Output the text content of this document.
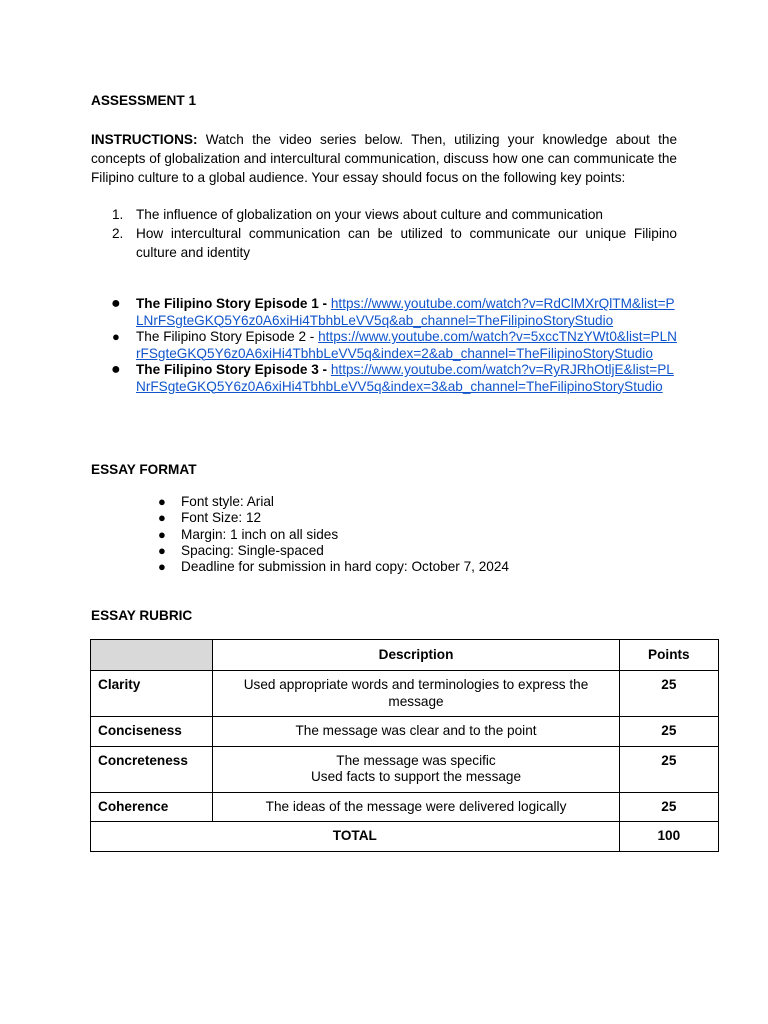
ASSESSMENT 1

INSTRUCTIONS: Watch the video series below. Then, utilizing your knowledge about the concepts of globalization and intercultural communication, discuss how one can communicate the Filipino culture to a global audience. Your essay should focus on the following key points:

1. The influence of globalization on your views about culture and communication
2. How intercultural communication can be utilized to communicate our unique Filipino culture and identity
● The Filipino Story Episode 1 - https://www.youtube.com/watch?v=RdClMXrQlTM&list=PLNrFSgteGKQ5Y6z0A6xiHi4TbhbLeVV5q&ab_channel=TheFilipinoStoryStudio
● The Filipino Story Episode 2 - https://www.youtube.com/watch?v=5xccTNzYWt0&list=PLNrFSgteGKQ5Y6z0A6xiHi4TbhbLeVV5q&index=2&ab_channel=TheFilipinoStoryStudio
● The Filipino Story Episode 3 - https://www.youtube.com/watch?v=RyRJRhOtljE&list=PLNrFSgteGKQ5Y6z0A6xiHi4TbhbLeVV5q&index=3&ab_channel=TheFilipinoStoryStudio

ESSAY FORMAT

● Font style: Arial
● Font Size: 12
● Margin: 1 inch on all sides
● Spacing: Single-spaced
● Deadline for submission in hard copy: October 7, 2024

ESSAY RUBRIC

	Description	Points
Clarity	Used appropriate words and terminologies to express the message	25
Conciseness	The message was clear and to the point	25
Concreteness	The message was specific
Used facts to support the message	25
Coherence	The ideas of the message were delivered logically	25
TOTAL		100
